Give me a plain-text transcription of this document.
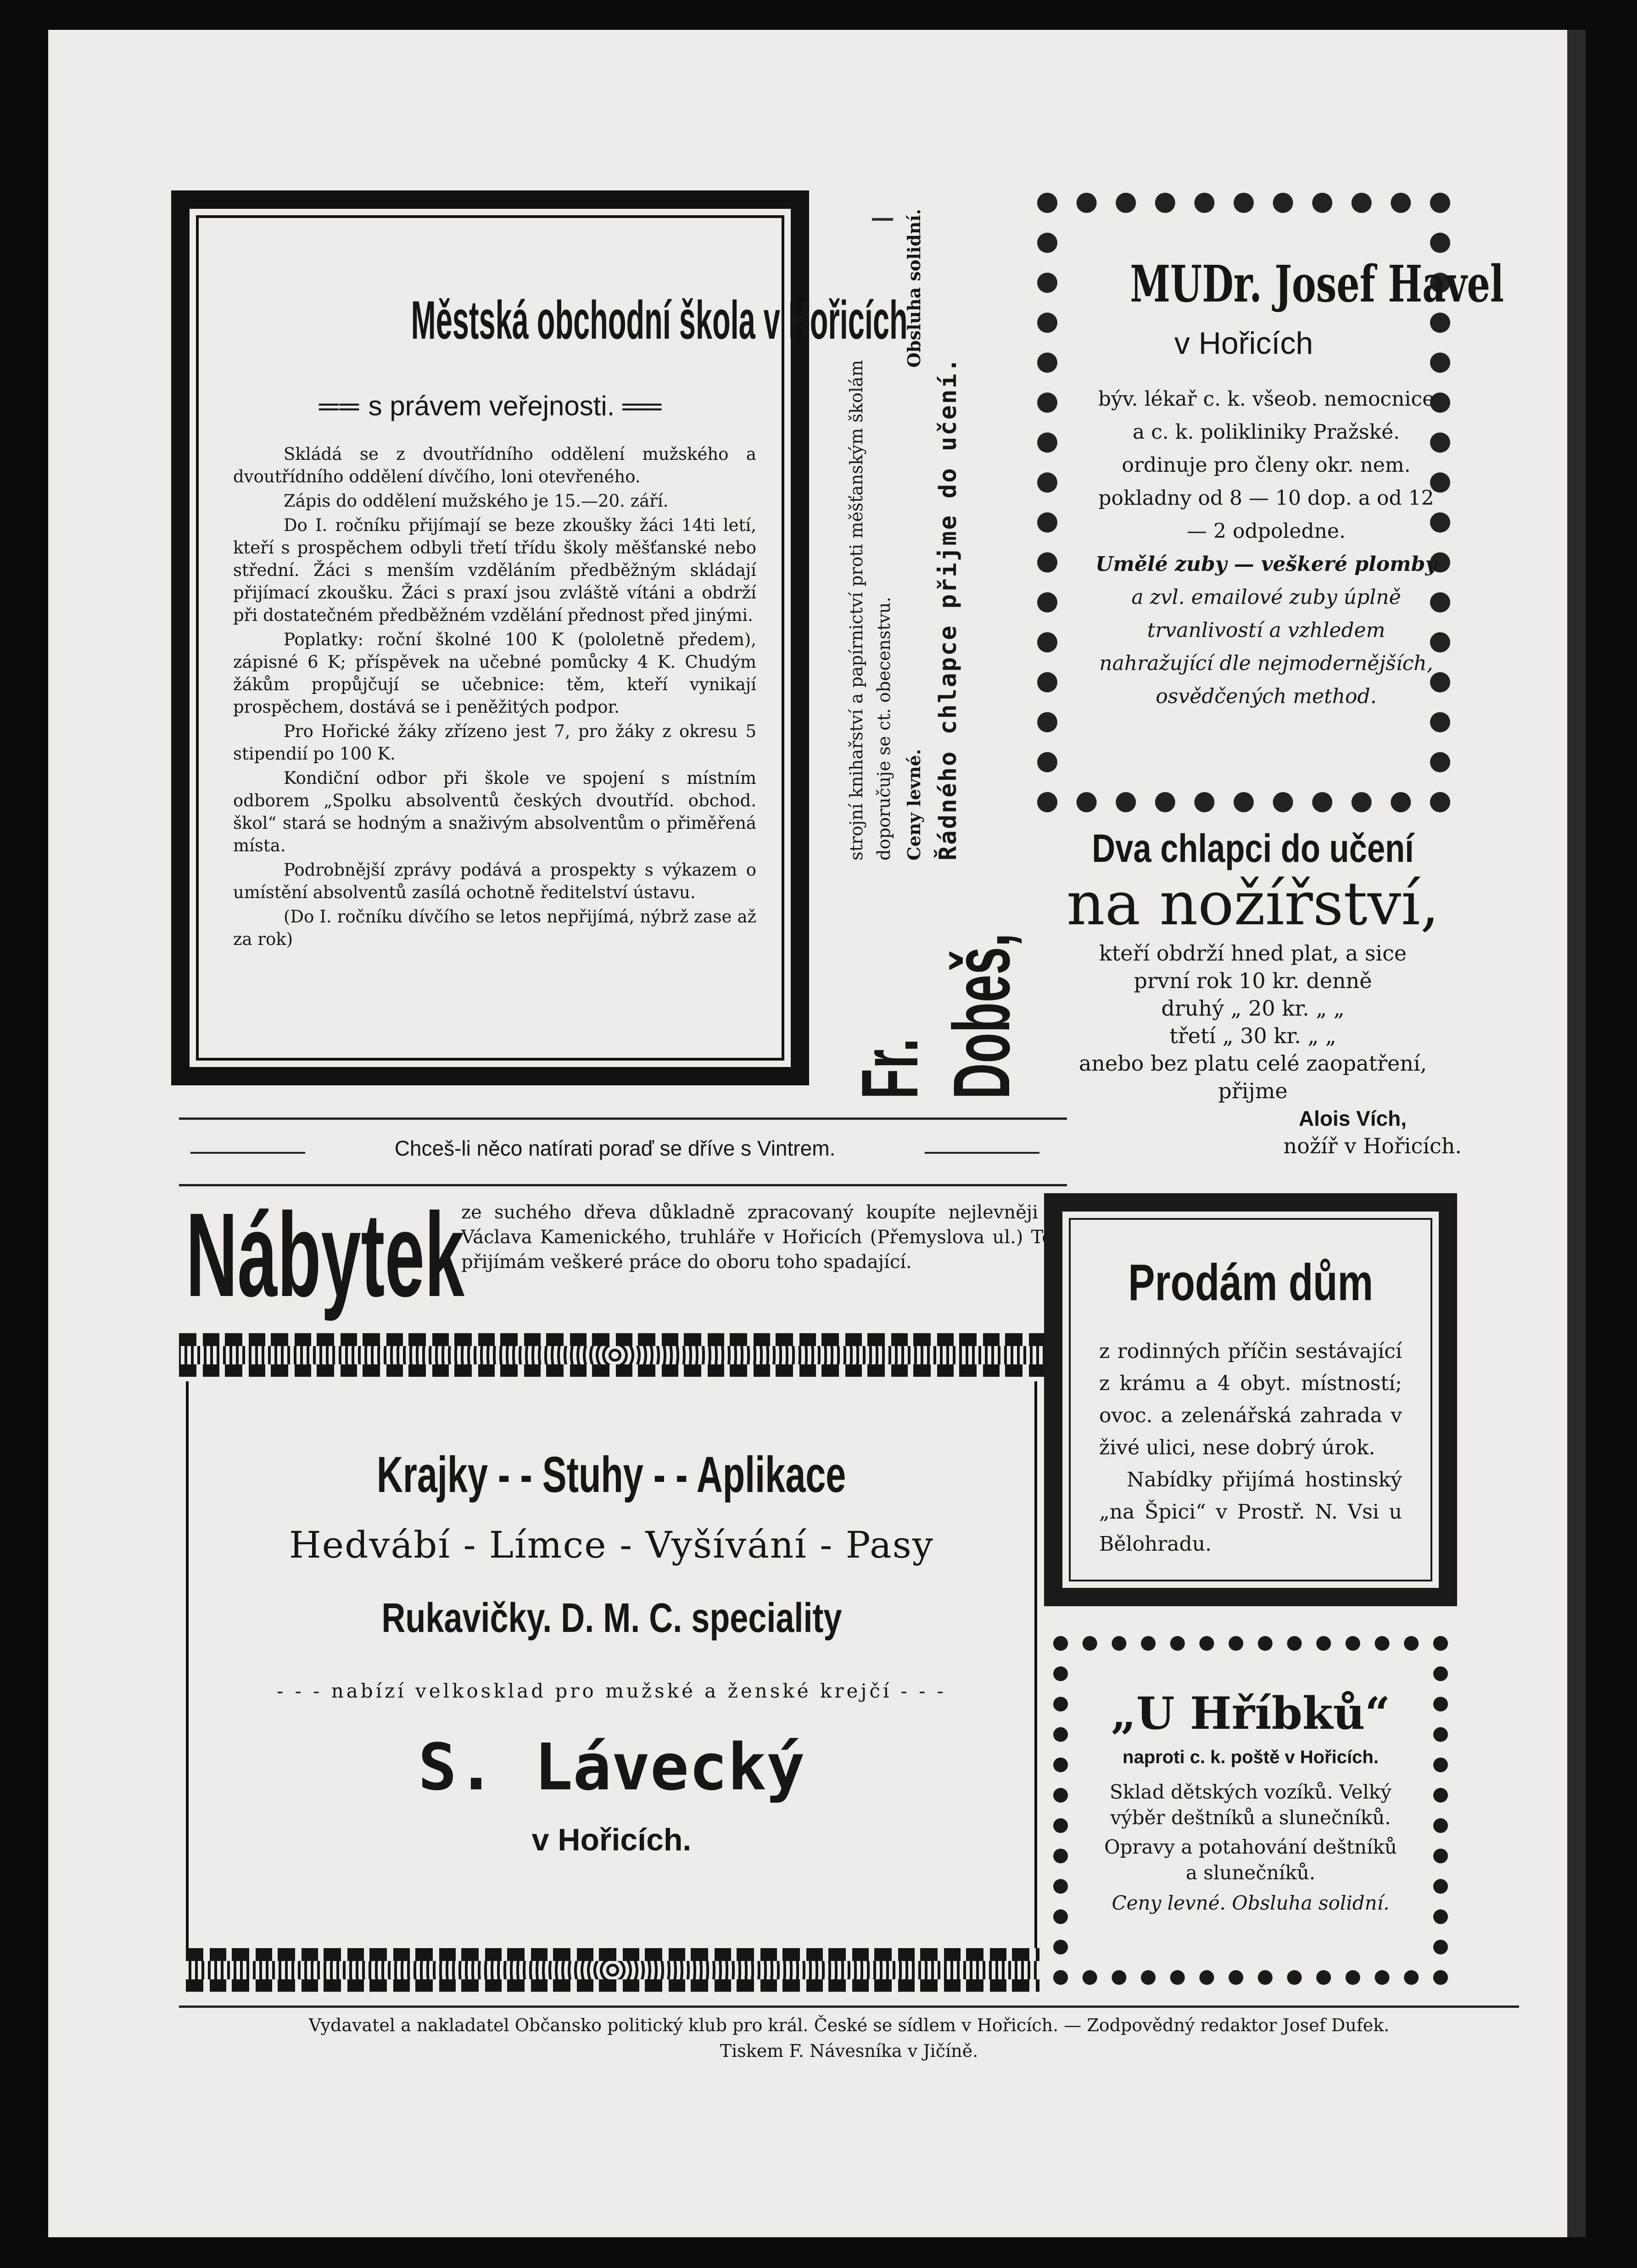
Městská obchodní škola v Hořicích
══ s právem veřejnosti. ══

Skládá se z dvoutřídního oddělení mužského a dvoutřídního oddělení dívčího, loni otevřeného.

Zápis do oddělení mužského je 15.—20. září.

Do I. ročníku přijímají se beze zkoušky žáci 14ti letí, kteří s prospěchem odbyli třetí třídu školy měšťanské nebo střední. Žáci s menším vzděláním předběžným skládají přijímací zkoušku. Žáci s praxí jsou zvláště vítáni a obdrží při dostatečném předběžném vzdělání přednost před jinými.

Poplatky: roční školné 100 K (pololetně předem), zápisné 6 K; příspěvek na učebné pomůcky 4 K. Chudým žákům propůjčují se učebnice: těm, kteří vynikají prospěchem, dostává se i peněžitých podpor.

Pro Hořické žáky zřízeno jest 7, pro žáky z okresu 5 stipendií po 100 K.

Kondiční odbor při škole ve spojení s místním odborem „Spolku absolventů českých dvoutříd. obchod. škol“ stará se hodným a snaživým absolventům o přiměřená místa.

Podrobnější zprávy podává a prospekty s výkazem o umístění absolventů zasílá ochotně ředitelství ústavu.

(Do I. ročníku dívčího se letos nepřijímá, nýbrž zase až za rok)

Fr. Dobeš,
strojní knihařství a papírnictví proti měšťanským školám doporučuje se ct. obecenstvu. Ceny levné.
Obsluha solidní.
Řádného chlapce přijme do učení.
MUDr. Josef Havel
v Hořicích
býv. lékař c. k. všeob. nemocnice a c. k. polikliniky Pražské.
ordinuje pro členy okr. nem. pokladny od 8 — 10 dop. a od 12 — 2 odpoledne.
Umělé zuby — veškeré plomby
a zvl. emailové zuby úplně trvanlivostí a vzhledem nahražující dle nejmodernějších, osvědčených method.
Dva chlapci do učení
na nožířství,
kteří obdrží hned plat, a sice
první rok 10 kr. denně
druhý „ 20 kr. „ „
třetí „ 30 kr. „ „
anebo bez platu celé zaopatření,
přijme
Alois Vích,
nožíř v Hořicích.
Chceš-li něco natírati poraď se dříve s Vintrem.
Nábytek
ze suchého dřeva důkladně zpracovaný koupíte nejlevněji u Václava Kamenického, truhláře v Hořicích (Přemyslova ul.) Též přijímám veškeré práce do oboru toho spadající.
Krajky - - Stuhy - - Aplikace
Hedvábí - Límce - Vyšívání - Pasy
Rukavičky. D. M. C. speciality
- - - nabízí velkosklad pro mužské a ženské krejčí - - -
S. Lávecký
v Hořicích.
Prodám dům
z rodinných příčin sestávající z krámu a 4 obyt. místností; ovoc. a zelenářská zahrada v živé ulici, nese dobrý úrok.
Nabídky přijímá hostinský „na Špici“ v Prostř. N. Vsi u Bělohradu.
„U Hříbků“
naproti c. k. poště v Hořicích.
Sklad dětských vozíků. Velký výběr deštníků a slunečníků.
Opravy a potahování deštníků a slunečníků.
Ceny levné. Obsluha solidní.
Vydavatel a nakladatel Občansko politický klub pro král. České se sídlem v Hořicích. — Zodpovědný redaktor Josef Dufek.
Tiskem F. Návesníka v Jičíně.
